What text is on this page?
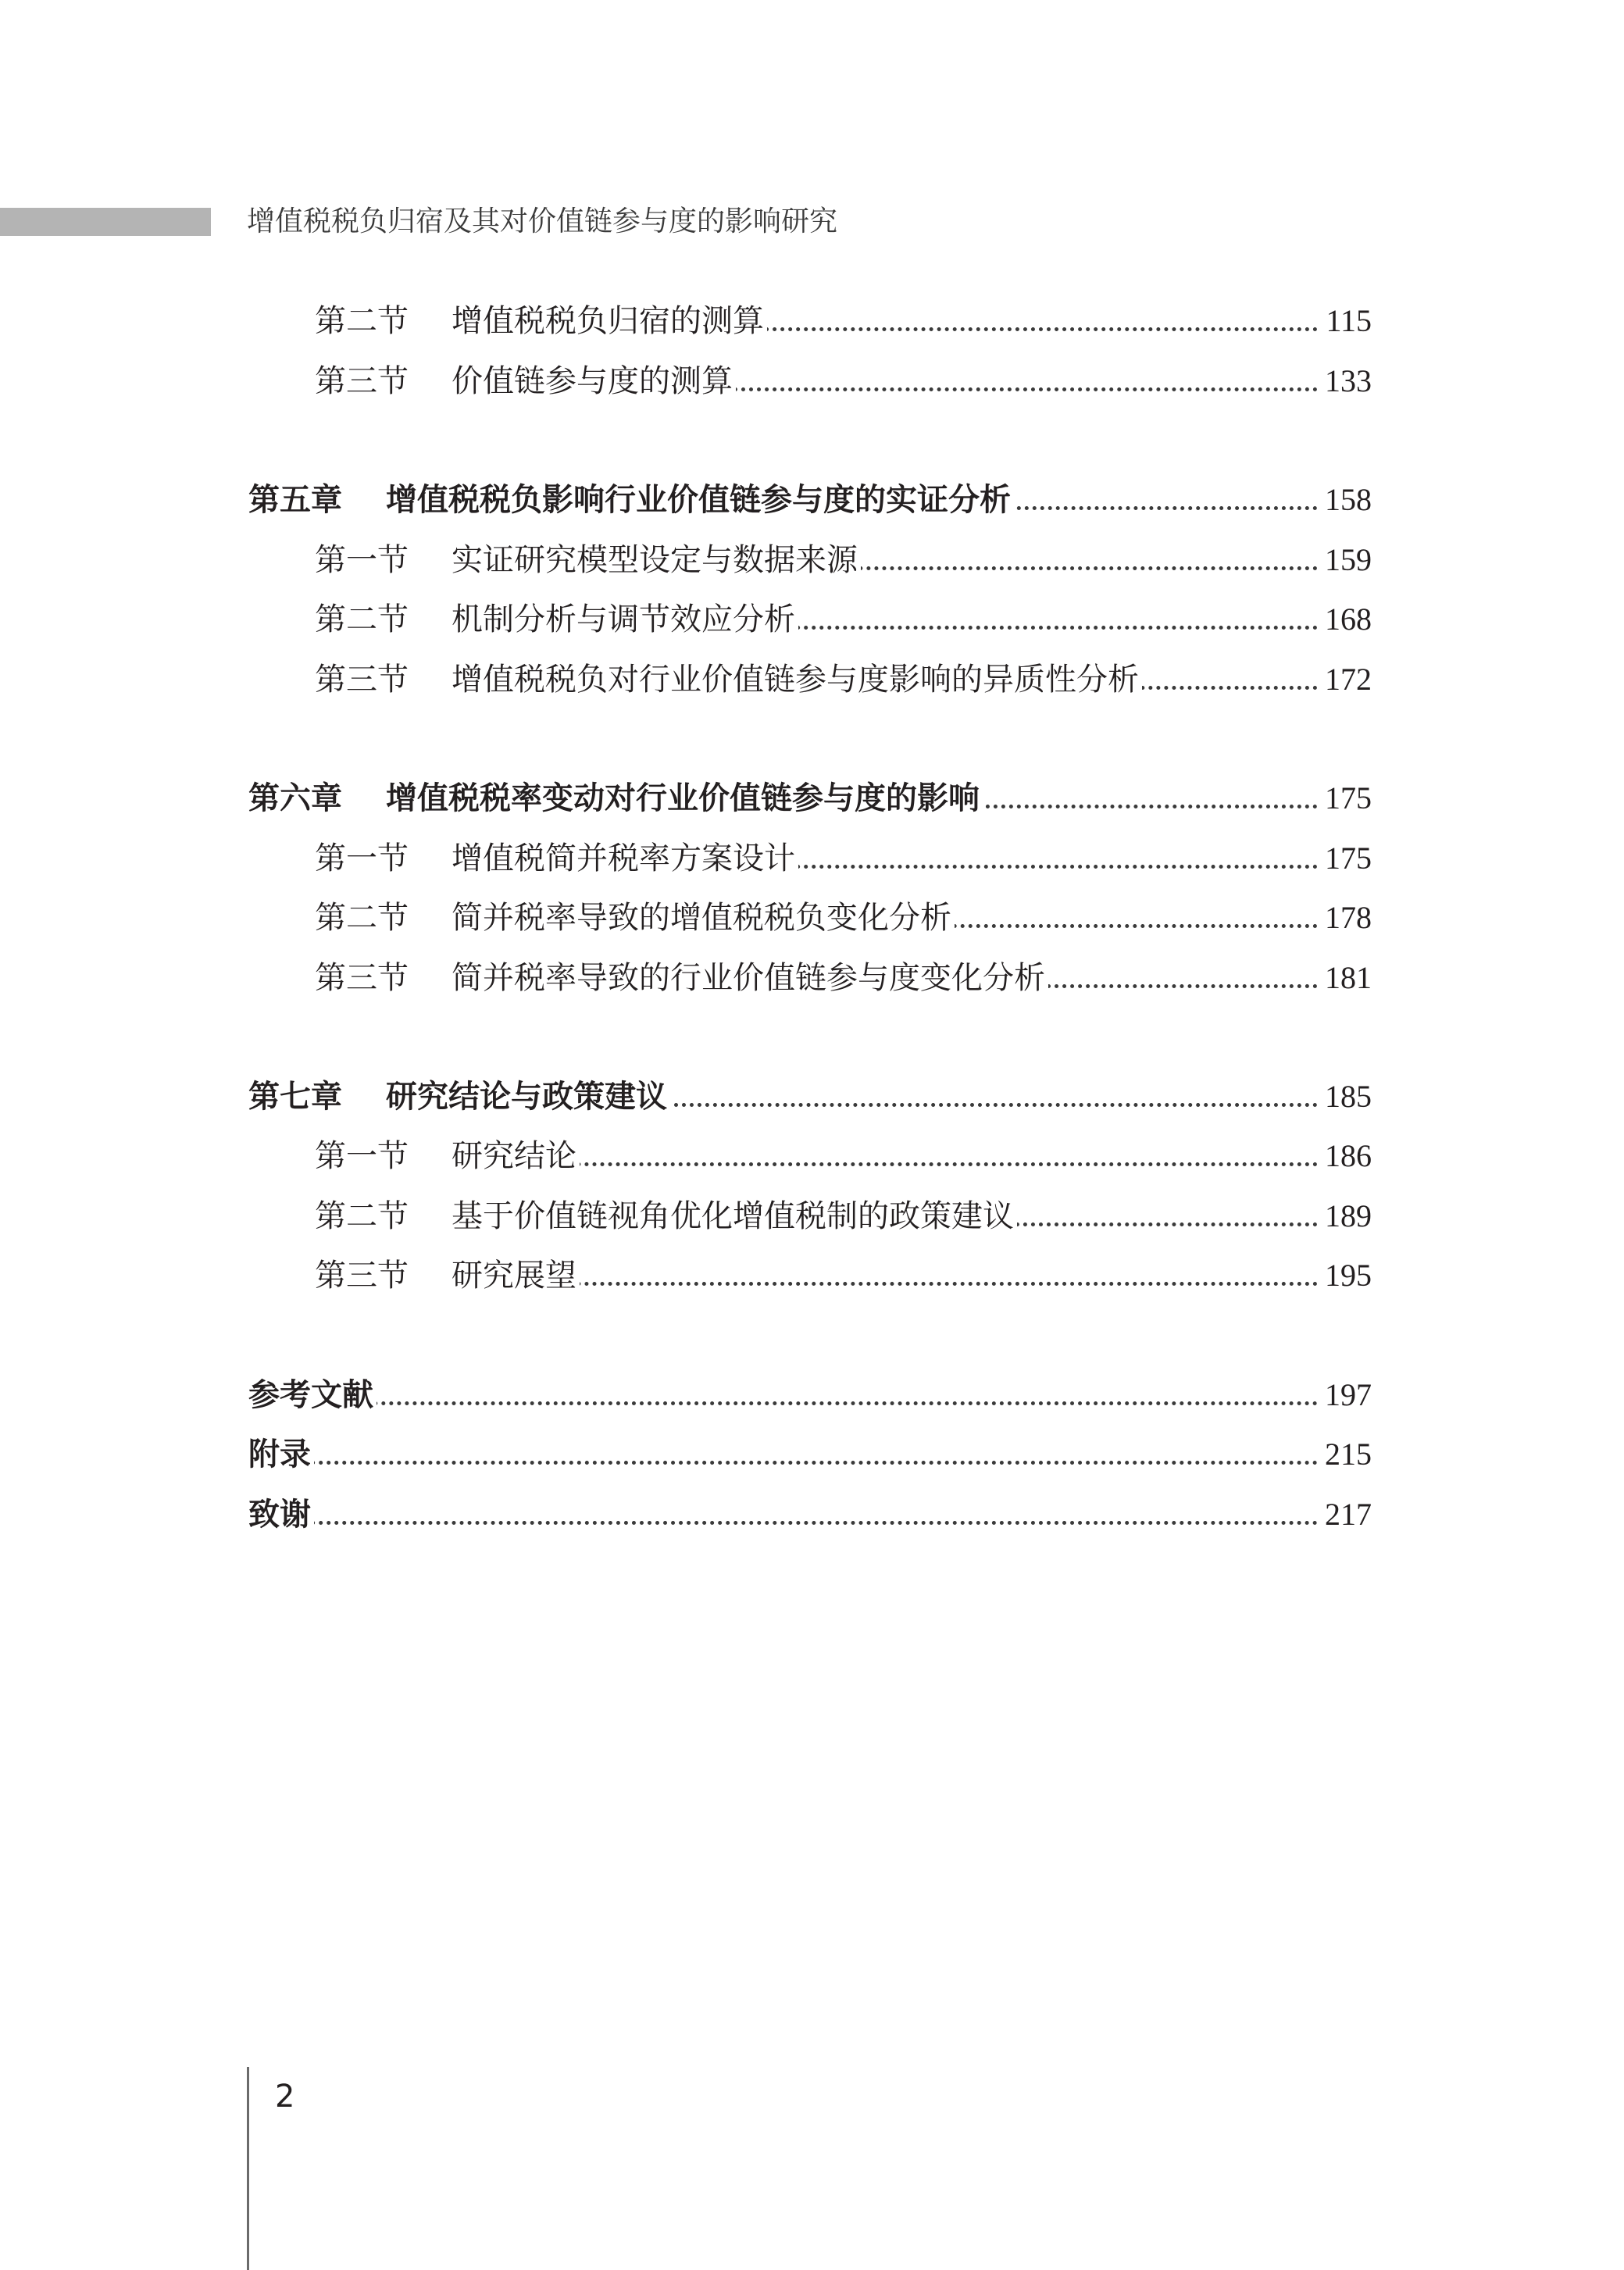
增值税税负归宿及其对价值链参与度的影响研究
第二节 增值税税负归宿的测算	115
第三节 价值链参与度的测算	133
第五章 增值税税负影响行业价值链参与度的实证分析	158
第一节 实证研究模型设定与数据来源	159
第二节 机制分析与调节效应分析	168
第三节 增值税税负对行业价值链参与度影响的异质性分析	172
第六章 增值税税率变动对行业价值链参与度的影响	175
第一节 增值税简并税率方案设计	175
第二节 简并税率导致的增值税税负变化分析	178
第三节 简并税率导致的行业价值链参与度变化分析	181
第七章 研究结论与政策建议	185
第一节 研究结论	186
第二节 基于价值链视角优化增值税制的政策建议	189
第三节 研究展望	195
参考文献	197
附录	215
致谢	217
2
